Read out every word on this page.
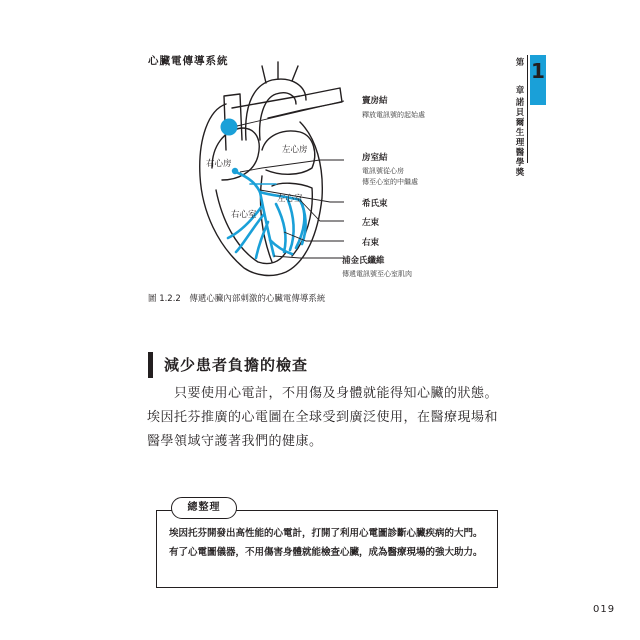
第 1
章
諾
貝
爾
生
理
醫
學
獎
心臟電傳導系統
右心房
左心房
左心室
右心室
竇房結
釋放電訊號的起始處
房室結
電訊號從心房
傳至心室的中繼處
希氏束
左束
右束
浦金氏纖維
傳遞電訊號至心室肌肉
圖 1.2.2　傳遞心臟內部刺激的心臟電傳導系統
減少患者負擔的檢查
　　只要使用心電計，不用傷及身體就能得知心臟的狀態。埃因托芬推廣的心電圖在全球受到廣泛使用，在醫療現場和醫學領域守護著我們的健康。
總整理
埃因托芬開發出高性能的心電計，打開了利用心電圖診斷心臟疾病的大門。有了心電圖儀器，不用傷害身體就能檢查心臟，成為醫療現場的強大助力。
019
